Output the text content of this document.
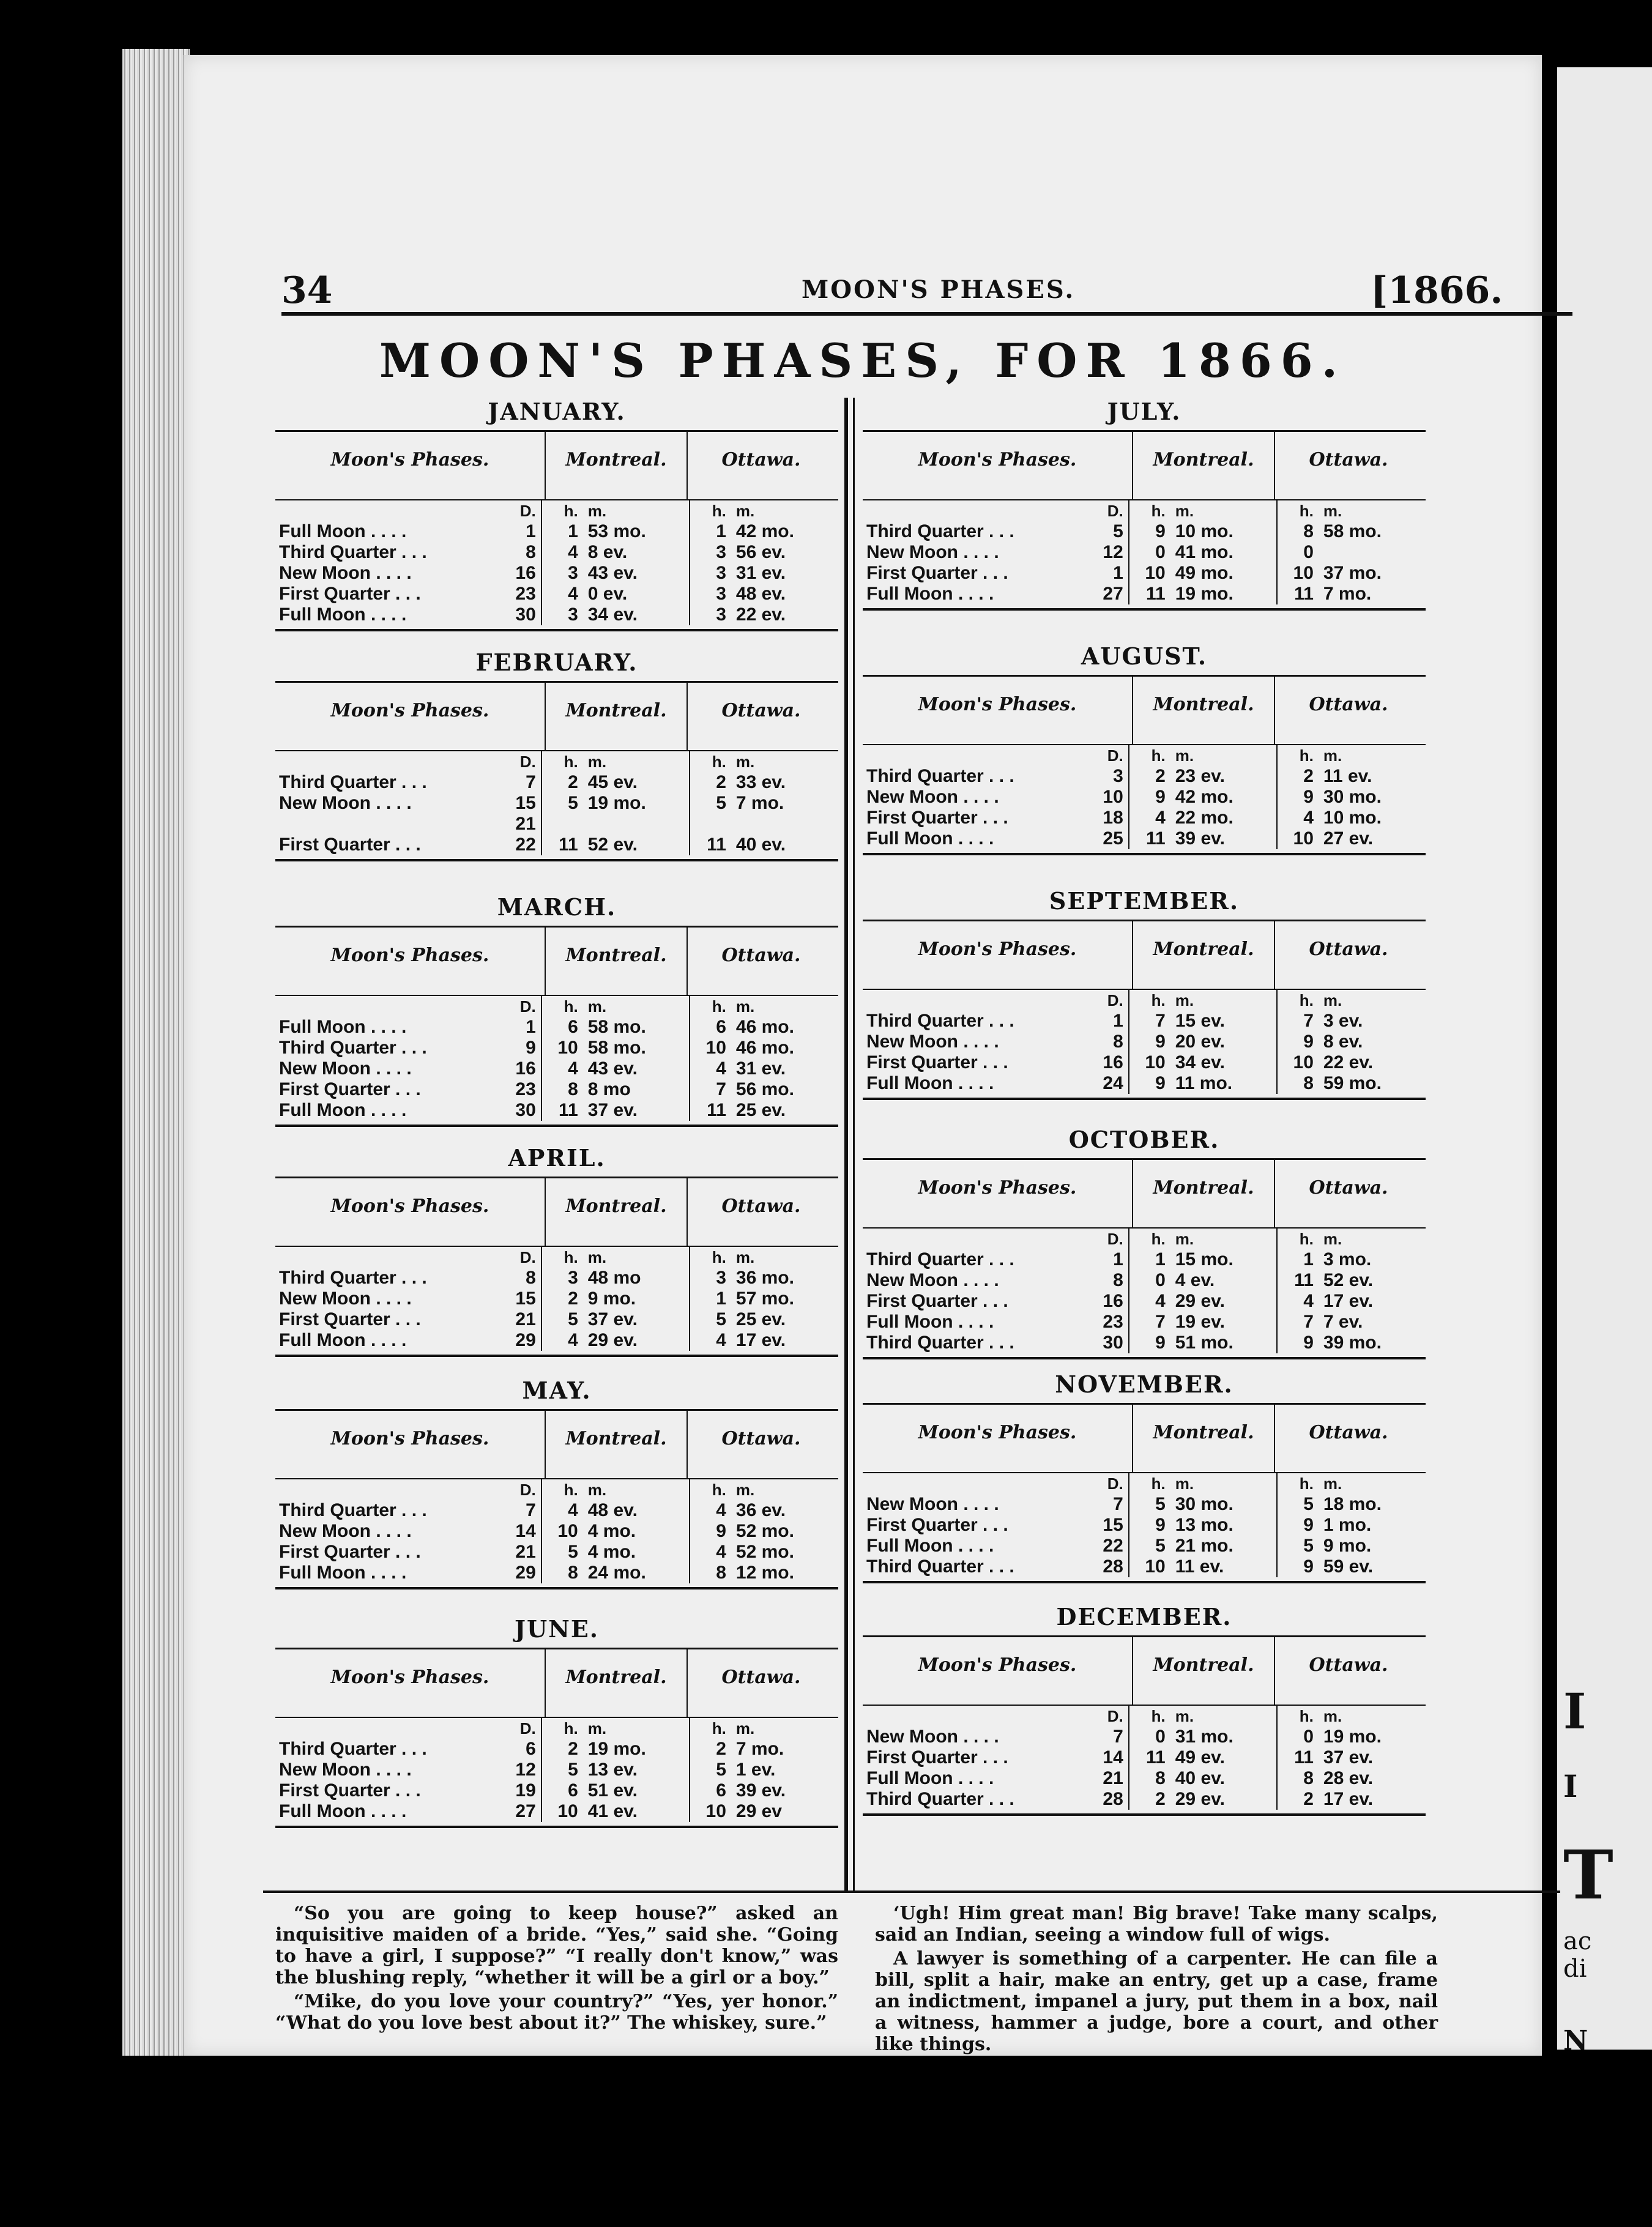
I
I
T
ac
di
N
34	MOON'S PHASES.	[1866.
MOON'S PHASES, FOR 1866.
JANUARY.
Moon's Phases.	Montreal.	Ottawa.
D.	h. m.	h. m.
Full Moon . . . .	1	1 53 mo.	1 42 mo.
Third Quarter . . .	8	4 8 ev.	3 56 ev.
New Moon . . . .	16	3 43 ev.	3 31 ev.
First Quarter . . .	23	4 0 ev.	3 48 ev.
Full Moon . . . .	30	3 34 ev.	3 22 ev.
FEBRUARY.
Moon's Phases.	Montreal.	Ottawa.
D.	h. m.	h. m.
Third Quarter . . .	7	2 45 ev.	2 33 ev.
New Moon . . . .	15	5 19 mo.	5 7 mo.
21
First Quarter . . .	22	11 52 ev.	11 40 ev.
MARCH.
Moon's Phases.	Montreal.	Ottawa.
D.	h. m.	h. m.
Full Moon . . . .	1	6 58 mo.	6 46 mo.
Third Quarter . . .	9	10 58 mo.	10 46 mo.
New Moon . . . .	16	4 43 ev.	4 31 ev.
First Quarter . . .	23	8 8 mo	7 56 mo.
Full Moon . . . .	30	11 37 ev.	11 25 ev.
APRIL.
Moon's Phases.	Montreal.	Ottawa.
D.	h. m.	h. m.
Third Quarter . . .	8	3 48 mo	3 36 mo.
New Moon . . . .	15	2 9 mo.	1 57 mo.
First Quarter . . .	21	5 37 ev.	5 25 ev.
Full Moon . . . .	29	4 29 ev.	4 17 ev.
MAY.
Moon's Phases.	Montreal.	Ottawa.
D.	h. m.	h. m.
Third Quarter . . .	7	4 48 ev.	4 36 ev.
New Moon . . . .	14	10 4 mo.	9 52 mo.
First Quarter . . .	21	5 4 mo.	4 52 mo.
Full Moon . . . .	29	8 24 mo.	8 12 mo.
JUNE.
Moon's Phases.	Montreal.	Ottawa.
D.	h. m.	h. m.
Third Quarter . . .	6	2 19 mo.	2 7 mo.
New Moon . . . .	12	5 13 ev.	5 1 ev.
First Quarter . . .	19	6 51 ev.	6 39 ev.
Full Moon . . . .	27	10 41 ev.	10 29 ev
JULY.
Moon's Phases.	Montreal.	Ottawa.
D.	h. m.	h. m.
Third Quarter . . .	5	9 10 mo.	8 58 mo.
New Moon . . . .	12	0 41 mo.	0
First Quarter . . .	1	10 49 mo.	10 37 mo.
Full Moon . . . .	27	11 19 mo.	11 7 mo.
AUGUST.
Moon's Phases.	Montreal.	Ottawa.
D.	h. m.	h. m.
Third Quarter . . .	3	2 23 ev.	2 11 ev.
New Moon . . . .	10	9 42 mo.	9 30 mo.
First Quarter . . .	18	4 22 mo.	4 10 mo.
Full Moon . . . .	25	11 39 ev.	10 27 ev.
SEPTEMBER.
Moon's Phases.	Montreal.	Ottawa.
D.	h. m.	h. m.
Third Quarter . . .	1	7 15 ev.	7 3 ev.
New Moon . . . .	8	9 20 ev.	9 8 ev.
First Quarter . . .	16	10 34 ev.	10 22 ev.
Full Moon . . . .	24	9 11 mo.	8 59 mo.
OCTOBER.
Moon's Phases.	Montreal.	Ottawa.
D.	h. m.	h. m.
Third Quarter . . .	1	1 15 mo.	1 3 mo.
New Moon . . . .	8	0 4 ev.	11 52 ev.
First Quarter . . .	16	4 29 ev.	4 17 ev.
Full Moon . . . .	23	7 19 ev.	7 7 ev.
Third Quarter . . .	30	9 51 mo.	9 39 mo.
NOVEMBER.
Moon's Phases.	Montreal.	Ottawa.
D.	h. m.	h. m.
New Moon . . . .	7	5 30 mo.	5 18 mo.
First Quarter . . .	15	9 13 mo.	9 1 mo.
Full Moon . . . .	22	5 21 mo.	5 9 mo.
Third Quarter . . .	28	10 11 ev.	9 59 ev.
DECEMBER.
Moon's Phases.	Montreal.	Ottawa.
D.	h. m.	h. m.
New Moon . . . .	7	0 31 mo.	0 19 mo.
First Quarter . . .	14	11 49 ev.	11 37 ev.
Full Moon . . . .	21	8 40 ev.	8 28 ev.
Third Quarter . . .	28	2 29 ev.	2 17 ev.

“So you are going to keep house?” asked an inquisitive maiden of a bride. “Yes,” said she. “Going to have a girl, I suppose?” “I really don't know,” was the blushing reply, “whether it will be a girl or a boy.”

“Mike, do you love your country?” “Yes, yer honor.” “What do you love best about it?” The whiskey, sure.”

‘Ugh! Him great man! Big brave! Take many scalps, said an Indian, seeing a window full of wigs.

A lawyer is something of a carpenter. He can file a bill, split a hair, make an entry, get up a case, frame an indictment, impanel a jury, put them in a box, nail a witness, hammer a judge, bore a court, and other like things.
